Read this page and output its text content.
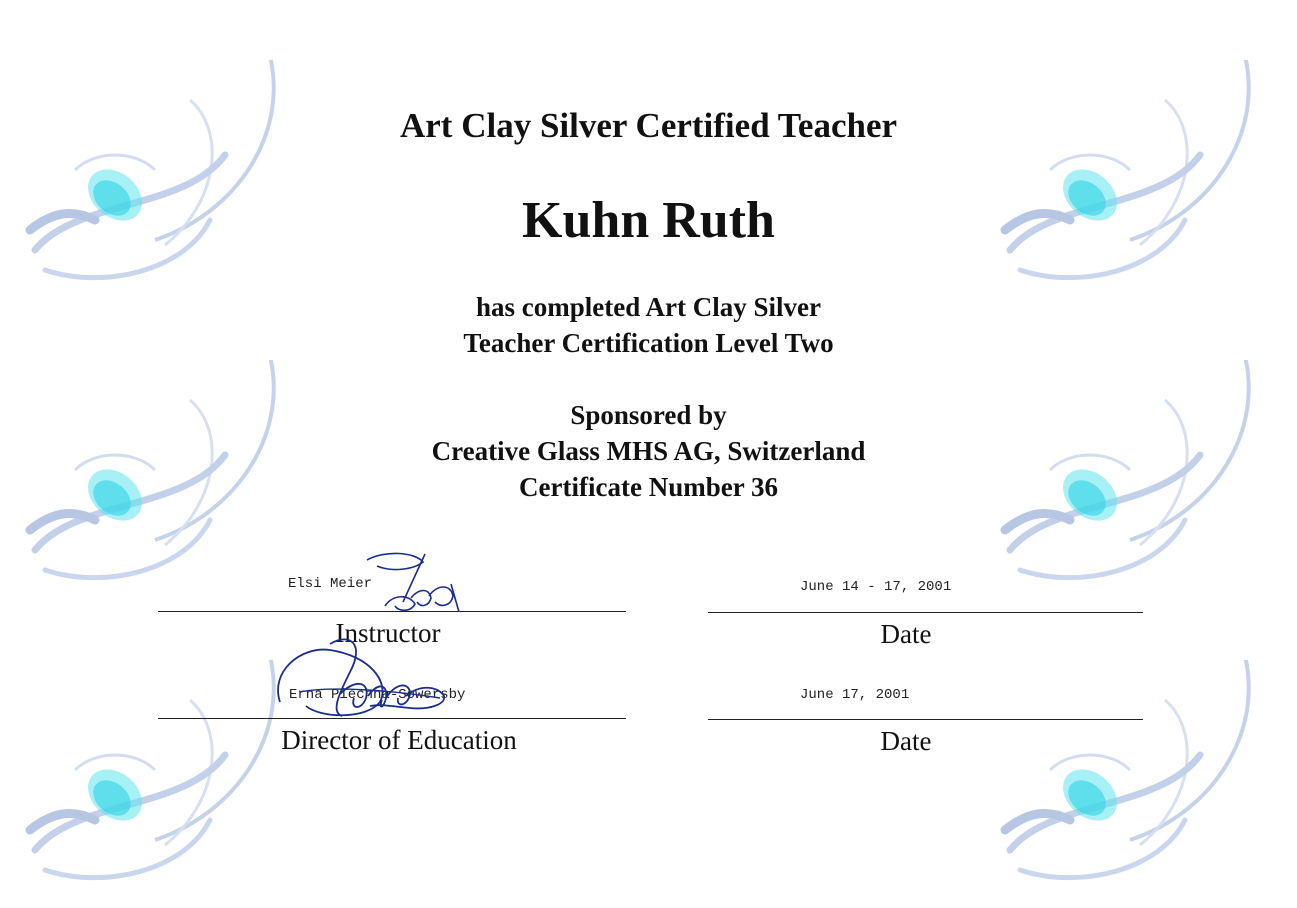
Art Clay Silver Certified Teacher
Kuhn Ruth
has completed Art Clay Silver
Teacher Certification Level Two
Sponsored by
Creative Glass MHS AG, Switzerland
Certificate Number 36
Elsi Meier
Instructor
June 14 - 17, 2001
Date
Erna Piechna-Sowersby
Director of Education
June 17, 2001
Date
